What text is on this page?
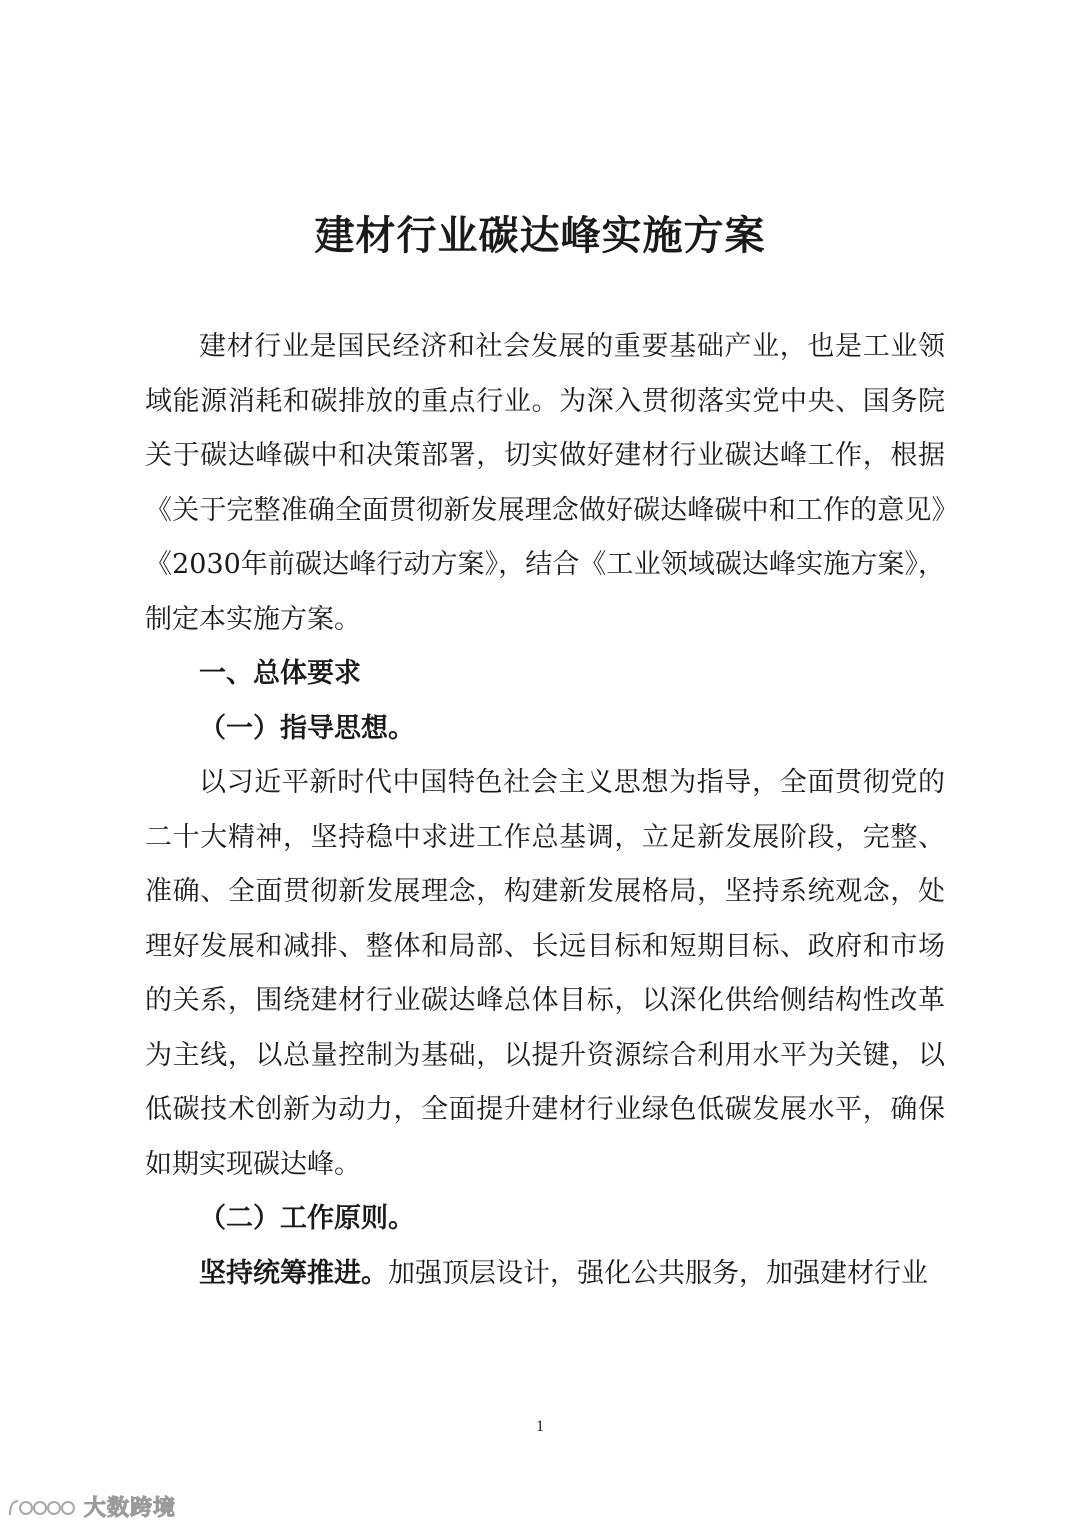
建材行业碳达峰实施方案

建材行业是国民经济和社会发展的重要基础产业，也是工业领域能源消耗和碳排放的重点行业。为深入贯彻落实党中央、国务院关于碳达峰碳中和决策部署，切实做好建材行业碳达峰工作，根据《关于完整准确全面贯彻新发展理念做好碳达峰碳中和工作的意见》《2030年前碳达峰行动方案》，结合《工业领域碳达峰实施方案》，制定本实施方案。

一、总体要求

（一）指导思想。

以习近平新时代中国特色社会主义思想为指导，全面贯彻党的二十大精神，坚持稳中求进工作总基调，立足新发展阶段，完整、准确、全面贯彻新发展理念，构建新发展格局，坚持系统观念，处理好发展和减排、整体和局部、长远目标和短期目标、政府和市场的关系，围绕建材行业碳达峰总体目标，以深化供给侧结构性改革为主线，以总量控制为基础，以提升资源综合利用水平为关键，以低碳技术创新为动力，全面提升建材行业绿色低碳发展水平，确保如期实现碳达峰。

（二）工作原则。

坚持统筹推进。加强顶层设计，强化公共服务，加强建材行业

1
大数跨境
